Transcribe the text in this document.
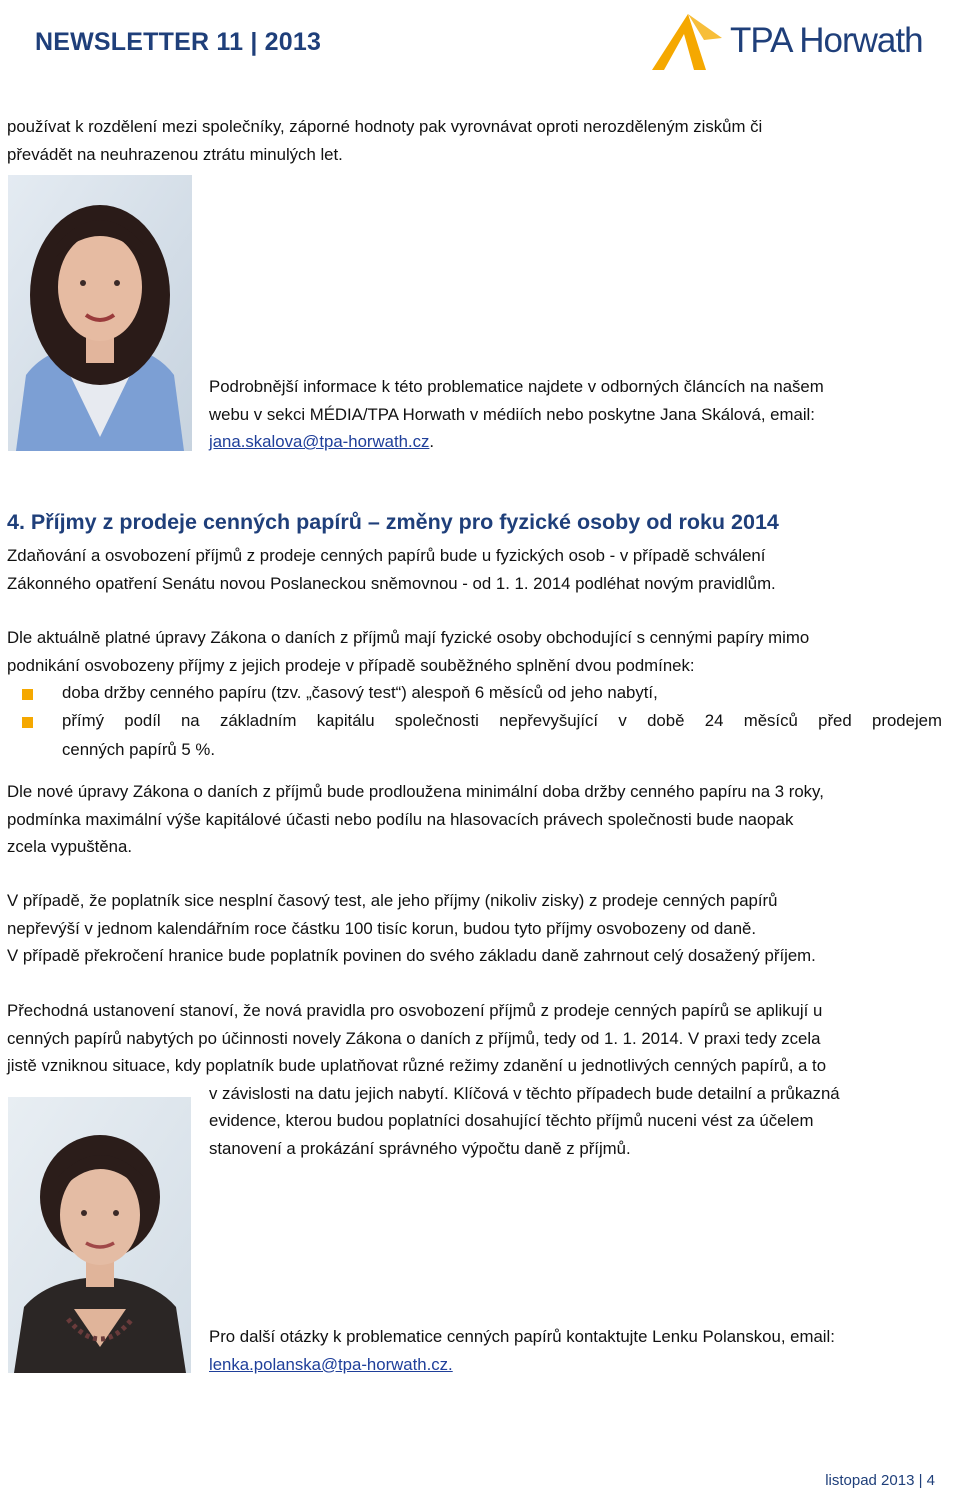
NEWSLETTER 11 | 2013	TPA Horwath
používat k rozdělení mezi společníky, záporné hodnoty pak vyrovnávat oproti nerozděleným ziskům či
převádět na neuhrazenou ztrátu minulých let.
Podrobnější informace k této problematice najdete v odborných článcích na našem
webu v sekci MÉDIA/TPA Horwath v médiích nebo poskytne Jana Skálová, email:
jana.skalova@tpa-horwath.cz.
4. Příjmy z prodeje cenných papírů – změny pro fyzické osoby od roku 2014
Zdaňování a osvobození příjmů z prodeje cenných papírů bude u fyzických osob - v případě schválení
Zákonného opatření Senátu novou Poslaneckou sněmovnou - od 1. 1. 2014 podléhat novým pravidlům.
Dle aktuálně platné úpravy Zákona o daních z příjmů mají fyzické osoby obchodující s cennými papíry mimo
podnikání osvobozeny příjmy z jejich prodeje v případě souběžného splnění dvou podmínek:
doba držby cenného papíru (tzv. „časový test“) alespoň 6 měsíců od jeho nabytí,
přímý podíl na základním kapitálu společnosti nepřevyšující v době 24 měsíců před prodejem
cenných papírů 5 %.
Dle nové úpravy Zákona o daních z příjmů bude prodloužena minimální doba držby cenného papíru na 3 roky,
podmínka maximální výše kapitálové účasti nebo podílu na hlasovacích právech společnosti bude naopak
zcela vypuštěna.
V případě, že poplatník sice nesplní časový test, ale jeho příjmy (nikoliv zisky) z prodeje cenných papírů
nepřevýší v jednom kalendářním roce částku 100 tisíc korun, budou tyto příjmy osvobozeny od daně.
V případě překročení hranice bude poplatník povinen do svého základu daně zahrnout celý dosažený příjem.
Přechodná ustanovení stanoví, že nová pravidla pro osvobození příjmů z prodeje cenných papírů se aplikují u
cenných papírů nabytých po účinnosti novely Zákona o daních z příjmů, tedy od 1. 1. 2014. V praxi tedy zcela
jistě vzniknou situace, kdy poplatník bude uplatňovat různé režimy zdanění u jednotlivých cenných papírů, a to
v závislosti na datu jejich nabytí. Klíčová v těchto případech bude detailní a průkazná
evidence, kterou budou poplatníci dosahující těchto příjmů nuceni vést za účelem
stanovení a prokázání správného výpočtu daně z příjmů.
Pro další otázky k problematice cenných papírů kontaktujte Lenku Polanskou, email:
lenka.polanska@tpa-horwath.cz.
listopad 2013 | 4
